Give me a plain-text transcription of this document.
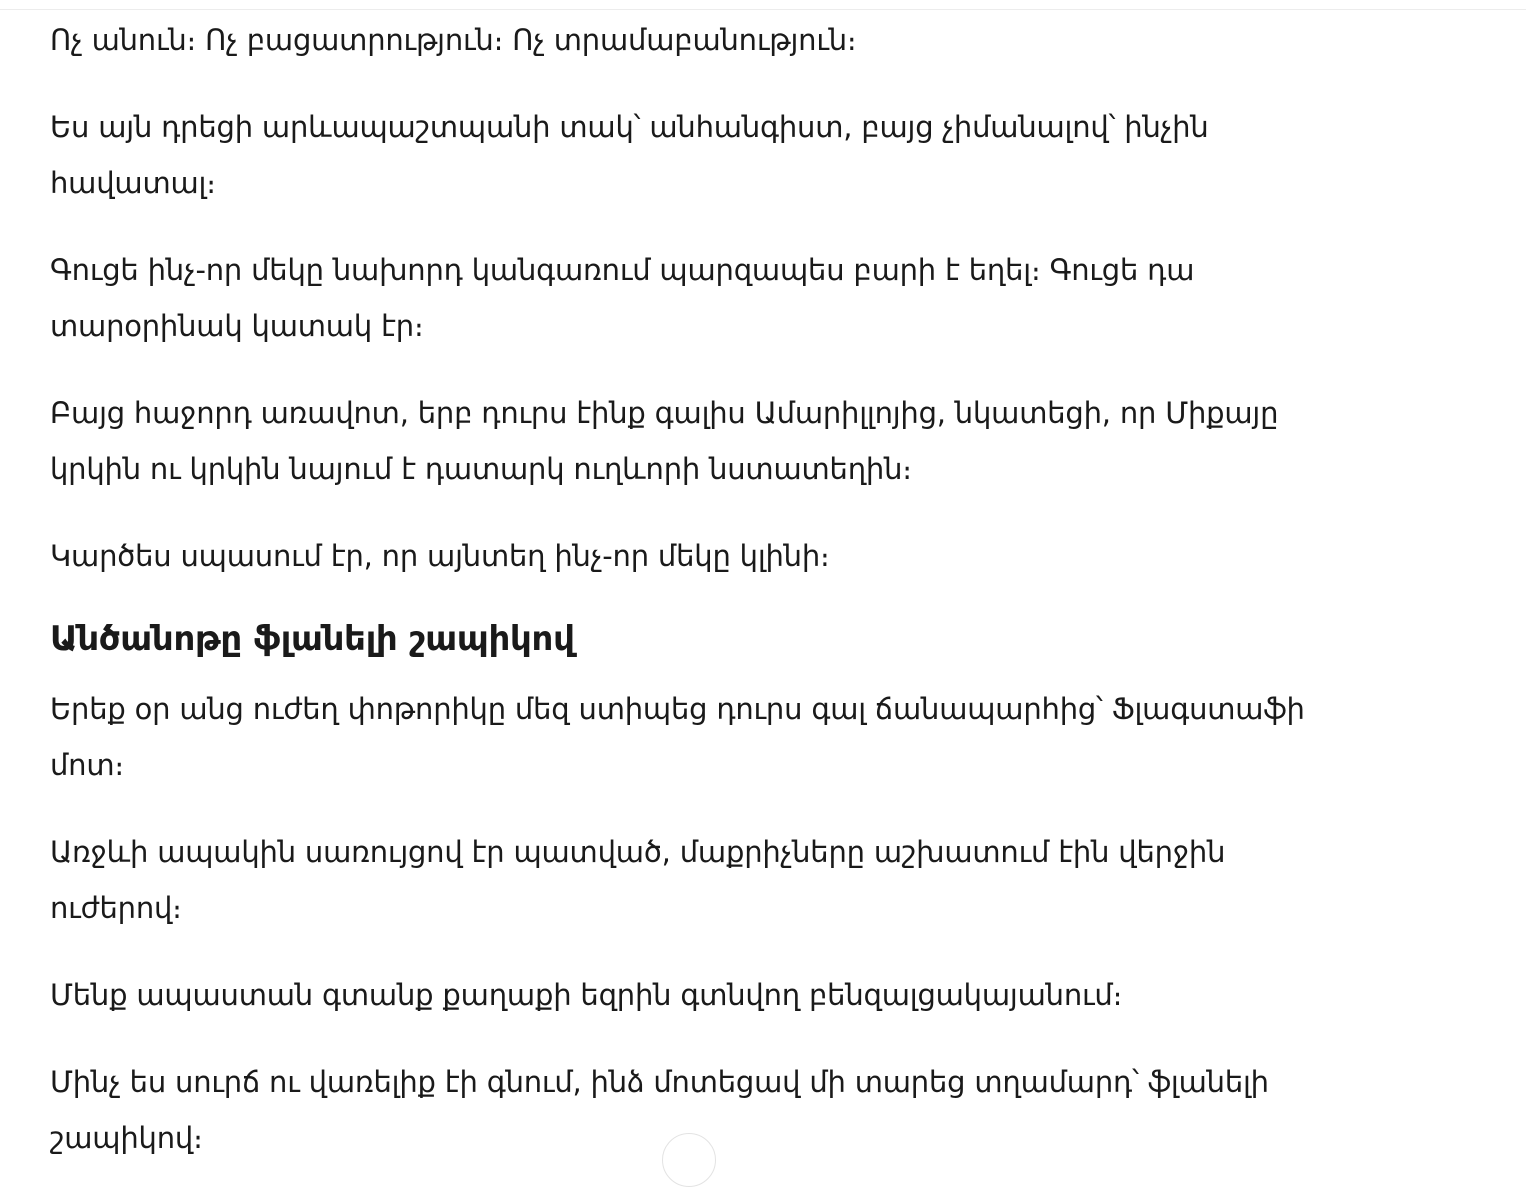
Ոչ անուն։ Ոչ բացատրություն։ Ոչ տրամաբանություն։

Ես այն դրեցի արևապաշտպանի տակ՝ անհանգիստ, բայց չիմանալով՝ ինչին հավատալ։

Գուցե ինչ-որ մեկը նախորդ կանգառում պարզապես բարի է եղել։ Գուցե դա տարօրինակ կատակ էր։

Բայց հաջորդ առավոտ, երբ դուրս էինք գալիս Ամարիլլոյից, նկատեցի, որ Միքայը կրկին ու կրկին նայում է դատարկ ուղևորի նստատեղին։

Կարծես սպասում էր, որ այնտեղ ինչ-որ մեկը կլինի։

Անծանոթը ֆլանելի շապիկով

Երեք օր անց ուժեղ փոթորիկը մեզ ստիպեց դուրս գալ ճանապարհից՝ Ֆլագստաֆի մոտ։

Առջևի ապակին սառույցով էր պատված, մաքրիչները աշխատում էին վերջին ուժերով։

Մենք ապաստան գտանք քաղաքի եզրին գտնվող բենզալցակայանում։

Մինչ ես սուրճ ու վառելիք էի գնում, ինձ մոտեցավ մի տարեց տղամարդ՝ ֆլանելի շապիկով։
